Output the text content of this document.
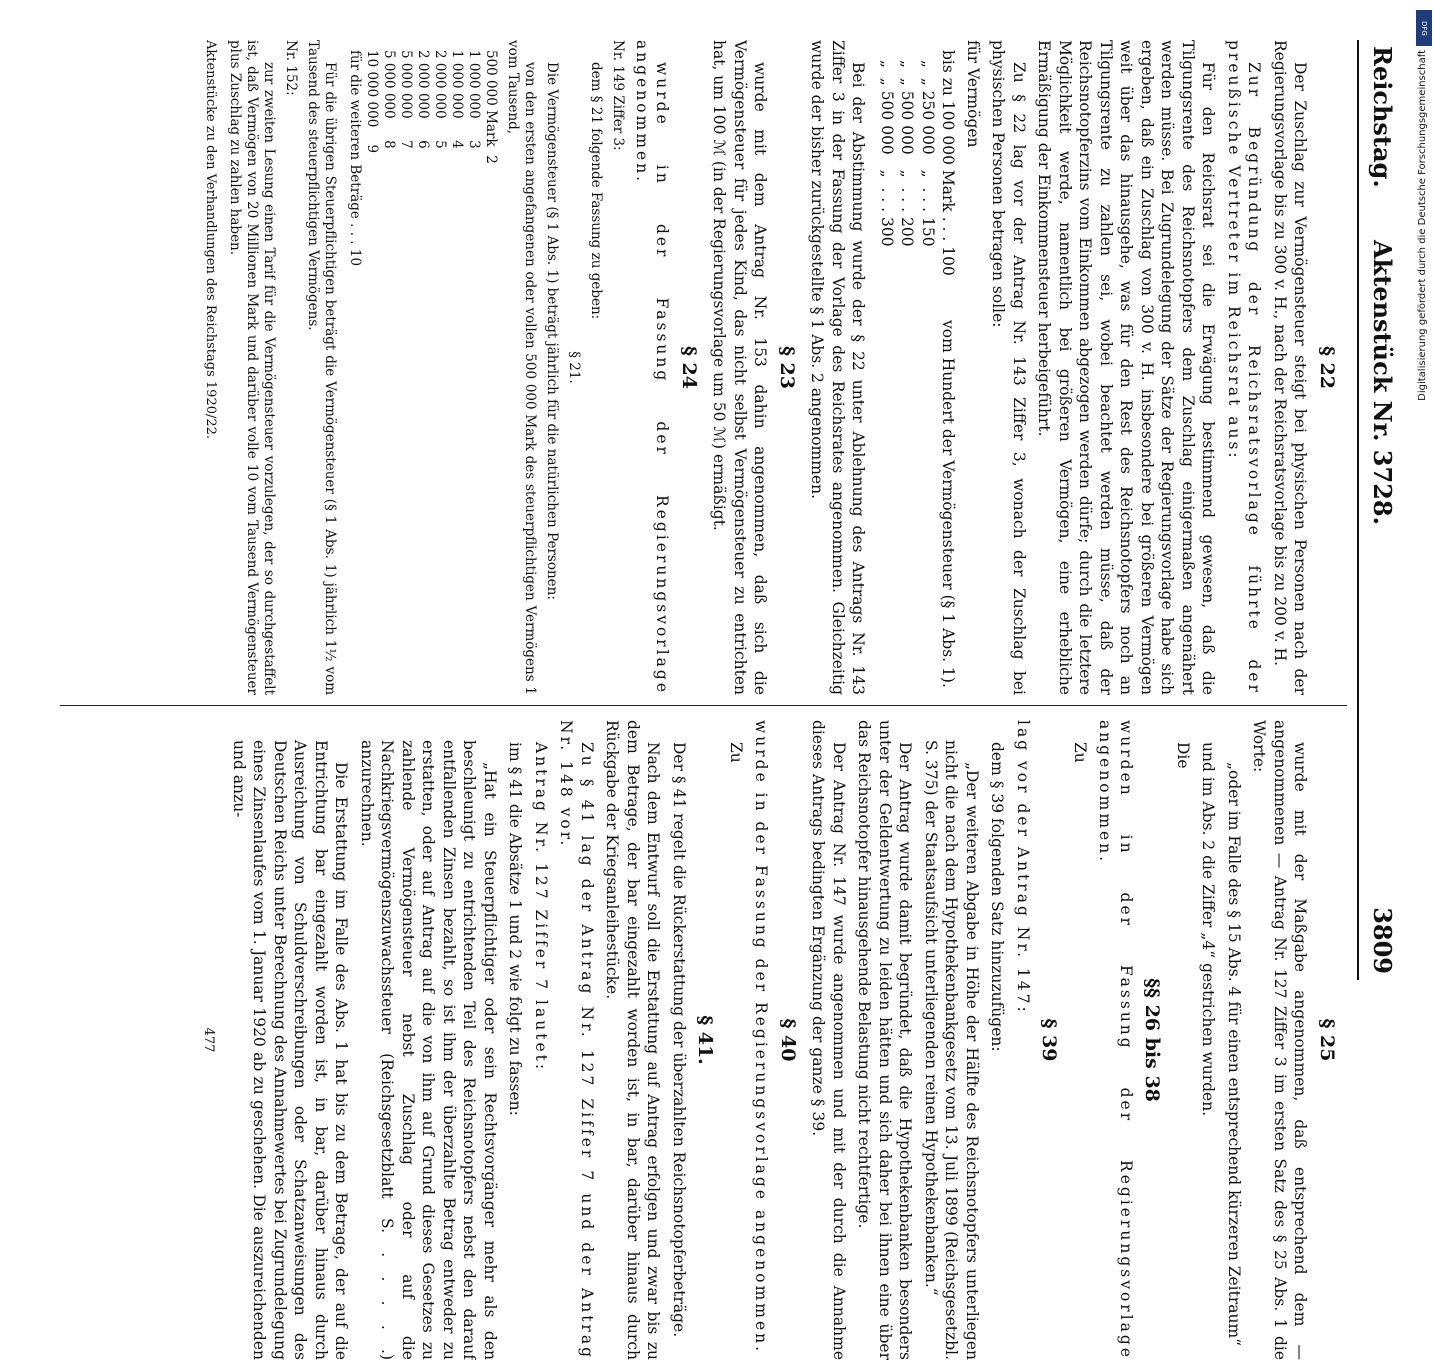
Reichstag.
Aktenstück Nr. 3728.
3809
§ 22

Der Zuschlag zur Vermögensteuer steigt bei physischen Personen nach der Regierungsvorlage bis zu 300 v. H., nach der Reichsratsvorlage bis zu 200 v. H.

Zur Begründung der Reichsratsvorlage führte der preußische Vertreter im Reichsrat aus:

Für den Reichsrat sei die Erwägung bestimmend gewesen, daß die Tilgungsrente des Reichsnotopfers dem Zuschlag einigermaßen angenähert werden müsse. Bei Zugrundelegung der Sätze der Regierungsvorlage habe sich ergeben, daß ein Zuschlag von 300 v. H. insbesondere bei größeren Vermögen weit über das hinausgehe, was für den Rest des Reichsnotopfers noch an Tilgungsrente zu zahlen sei, wobei beachtet werden müsse, daß der Reichsnotopferzins vom Einkommen abgezogen werden dürfe; durch die letztere Möglichkeit werde, namentlich bei größeren Vermögen, eine erhebliche Ermäßigung der Einkommensteuer herbeigeführt.

Zu § 22 lag vor der Antrag Nr. 143 Ziffer 3, wonach der Zuschlag bei physischen Personen betragen solle:

für Vermögen
bis zu 100 000 Mark . . . 100
„  „ 250 000   „  . . . 150
„  „ 500 000   „  . . . 200
„  „ 500 000   „  . . . 300
vom Hundert der Vermögensteuer (§ 1 Abs. 1).

Bei der Abstimmung wurde der § 22 unter Ablehnung des Antrags Nr. 143 Ziffer 3 in der Fassung der Vorlage des Reichsrates angenommen. Gleichzeitig wurde der bisher zurückgestellte § 1 Abs. 2 angenommen.

§ 23

wurde mit dem Antrag Nr. 153 dahin angenommen, daß sich die Vermögensteuer für jedes Kind, das nicht selbst Vermögensteuer zu entrichten hat, um 100 ℳ (in der Regierungsvorlage um 50 ℳ) ermäßigt.

§ 24

wurde in der Fassung der Regierungsvorlage angenommen.

Nr. 149 Ziffer 3:

dem § 21 folgende Fassung zu geben:

§ 21.

Die Vermögensteuer (§ 1 Abs. 1) beträgt jährlich für die natürlichen Personen:

von den ersten angefangenen oder vollen 500 000 Mark des steuerpflichtigen Vermögens 1 vom Tausend,

500 000 Mark  2
1 000 000     3
1 000 000     4
2 000 000     5
2 000 000     6
5 000 000     7
5 000 000     8
10 000 000    9
für die weiteren Beträge . . . 10

Für die übrigen Steuerpflichtigen beträgt die Vermögensteuer (§ 1 Abs. 1) jährlich 1½ vom Tausend des steuerpflichtigen Vermögens.

Nr. 152:

zur zweiten Lesung einen Tarif für die Vermögensteuer vorzulegen, der so durchgestaffelt ist, daß Vermögen von 20 Millionen Mark und darüber volle 10 vom Tausend Vermögensteuer plus Zuschlag zu zahlen haben.

Aktenstücke zu den Verhandlungen des Reichstags 1920/22.
§ 25

wurde mit der Maßgabe angenommen, daß entsprechend dem — angenommenen — Antrag Nr. 127 Ziffer 3 im ersten Satz des § 25 Abs. 1 die Worte:

„oder im Falle des § 15 Abs. 4 für einen entsprechend kürzeren Zeitraum“

und im Abs. 2 die Ziffer „4“ gestrichen wurden.

Die

§§ 26 bis 38

wurden in der Fassung der Regierungsvorlage angenommen.

Zu

§ 39

lag vor der Antrag Nr. 147:

dem § 39 folgenden Satz hinzuzufügen:

„Der weiteren Abgabe in Höhe der Hälfte des Reichsnotopfers unterliegen nicht die nach dem Hypothekenbankgesetz vom 13. Juli 1899 (Reichsgesetzbl. S. 375) der Staatsaufsicht unterliegenden reinen Hypothekenbanken.“

Der Antrag wurde damit begründet, daß die Hypothekenbanken besonders unter der Geldentwertung zu leiden hätten und sich daher bei ihnen eine über das Reichsnotopfer hinausgehende Belastung nicht rechtfertige.

Der Antrag Nr. 147 wurde angenommen und mit der durch die Annahme dieses Antrags bedingten Ergänzung der ganze § 39.

§ 40

wurde in der Fassung der Regierungsvorlage angenommen.

Zu

§ 41.

Der § 41 regelt die Rückerstattung der überzahlten Reichsnotopferbeträge.

Nach dem Entwurf soll die Erstattung auf Antrag erfolgen und zwar bis zu dem Betrage, der bar eingezahlt worden ist, in bar, darüber hinaus durch Rückgabe der Kriegsanleihestücke.

Zu § 41 lag der Antrag Nr. 127 Ziffer 7 und der Antrag Nr. 148 vor.

Antrag Nr. 127 Ziffer 7 lautet:

im § 41 die Absätze 1 und 2 wie folgt zu fassen:

„Hat ein Steuerpflichtiger oder sein Rechtsvorgänger mehr als den beschleunigt zu entrichtenden Teil des Reichsnotopfers nebst den darauf entfallenden Zinsen bezahlt, so ist ihm der überzahlte Betrag entweder zu erstatten, oder auf Antrag auf die von ihm auf Grund dieses Gesetzes zu zahlende Vermögensteuer nebst Zuschlag oder auf die Nachkriegsvermögenszuwachssteuer (Reichsgesetzblatt S. . . . . .) anzurechnen.

Die Erstattung im Falle des Abs. 1 hat bis zu dem Betrage, der auf die Entrichtung bar eingezahlt worden ist, in bar, darüber hinaus durch Ausreichung von Schuldverschreibungen oder Schatzanweisungen des Deutschen Reichs unter Berechnung des Annahmewertes bei Zugrundelegung eines Zinsenlaufes vom 1. Januar 1920 ab zu geschehen. Die auszureichenden und anzu-

477
DFG
Digitalisierung gefördert durch die Deutsche Forschungsgemeinschaft
